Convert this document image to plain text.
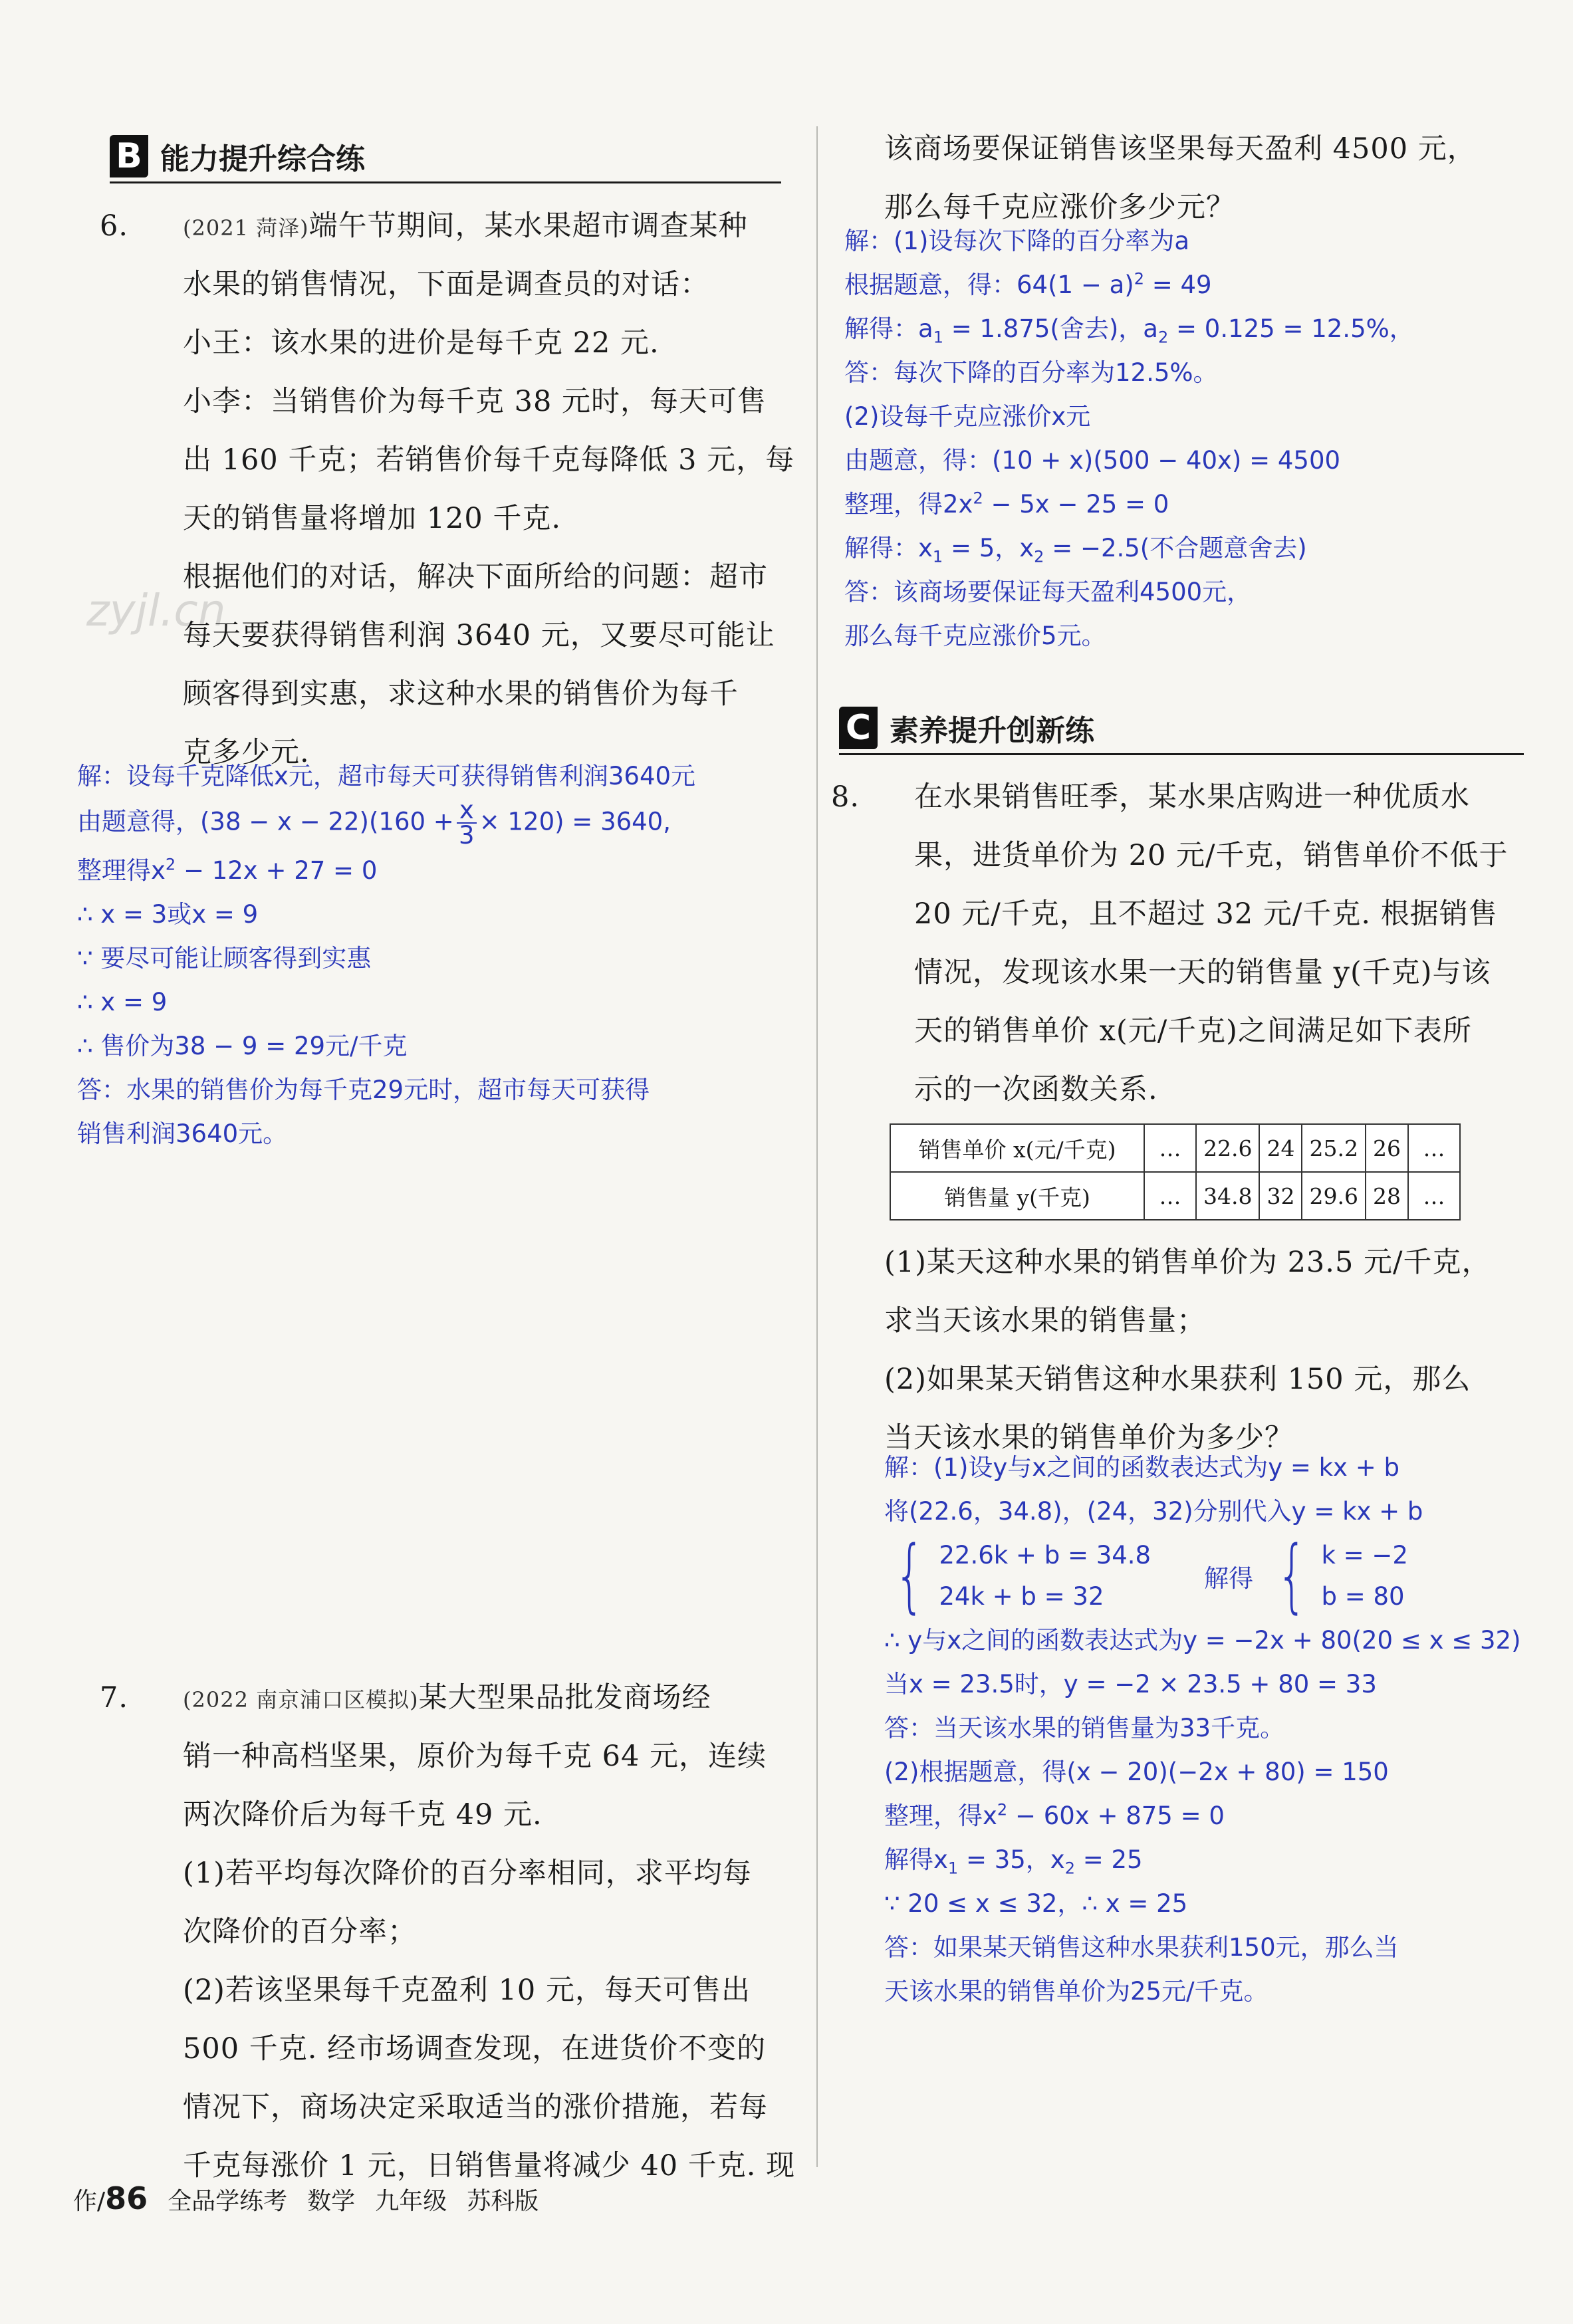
zyjl.cn
B 能力提升综合练
6.	(2021 菏泽)端午节期间，某水果超市调查某种
水果的销售情况，下面是调查员的对话：
小王：该水果的进价是每千克 22 元.
小李：当销售价为每千克 38 元时，每天可售
出 160 千克；若销售价每千克每降低 3 元，每
天的销售量将增加 120 千克.
根据他们的对话，解决下面所给的问题：超市
每天要获得销售利润 3640 元，又要尽可能让
顾客得到实惠，求这种水果的销售价为每千
克多少元.
解：设每千克降低x元，超市每天可获得销售利润3640元
由题意得，$(38 - x - 22)(160 + \frac{x}{3} \times 120) = 3640$,
整理得$x^2 - 12x + 27 = 0$
∴ x = 3或x = 9
∵ 要尽可能让顾客得到实惠
∴ x = 9
∴ 售价为38 − 9 = 29元/千克
答：水果的销售价为每千克29元时，超市每天可获得
销售利润3640元。
7.	(2022 南京浦口区模拟)某大型果品批发商场经
销一种高档坚果，原价为每千克 64 元，连续
两次降价后为每千克 49 元.
(1)若平均每次降价的百分率相同，求平均每
次降价的百分率；
(2)若该坚果每千克盈利 10 元，每天可售出
500 千克. 经市场调查发现，在进货价不变的
情况下，商场决定采取适当的涨价措施，若每
千克每涨价 1 元，日销售量将减少 40 千克. 现
该商场要保证销售该坚果每天盈利 4500 元，
那么每千克应涨价多少元？
解：(1)设每次下降的百分率为a
根据题意，得：$64(1 - a)^2 = 49$
解得：$a_1 = 1.875$(舍去)，$a_2 = 0.125 = 12.5\%$，
答：每次下降的百分率为12.5%。
(2)设每千克应涨价x元
由题意，得：(10 + x)(500 − 40x) = 4500
整理，得$2x^2 - 5x - 25 = 0$
解得：$x_1 = 5$，$x_2 = -2.5$(不合题意舍去)
答：该商场要保证每天盈利4500元，
那么每千克应涨价5元。
C 素养提升创新练
8. 在水果销售旺季，某水果店购进一种优质水
果，进货单价为 20 元/千克，销售单价不低于
20 元/千克，且不超过 32 元/千克. 根据销售
情况，发现该水果一天的销售量 y(千克)与该
天的销售单价 x(元/千克)之间满足如下表所
示的一次函数关系.
销售单价 x(元/千克)	…	22.6	24	25.2	26	…
销售量 y(千克)	…	34.8	32	29.6	28	…
(1)某天这种水果的销售单价为 23.5 元/千克，
求当天该水果的销售量；
(2)如果某天销售这种水果获利 150 元，那么
当天该水果的销售单价为多少？
解：(1)设y与x之间的函数表达式为y = kx + b
将(22.6，34.8)，(24，32)分别代入y = kx + b
{ 22.6k + b = 34.8
24k + b = 32
解得 { k = −2
b = 80
∴ y与x之间的函数表达式为y = −2x + 80(20 ≤ x ≤ 32)
当x = 23.5时，y = −2 × 23.5 + 80 = 33
答：当天该水果的销售量为33千克。
(2)根据题意，得(x − 20)(−2x + 80) = 150
整理，得$x^2 - 60x + 875 = 0$
解得$x_1 = 35$，$x_2 = 25$
∵ 20 ≤ x ≤ 32，∴ x = 25
答：如果某天销售这种水果获利150元，那么当
天该水果的销售单价为25元/千克。
作/86 全品学练考 数学 九年级 苏科版
